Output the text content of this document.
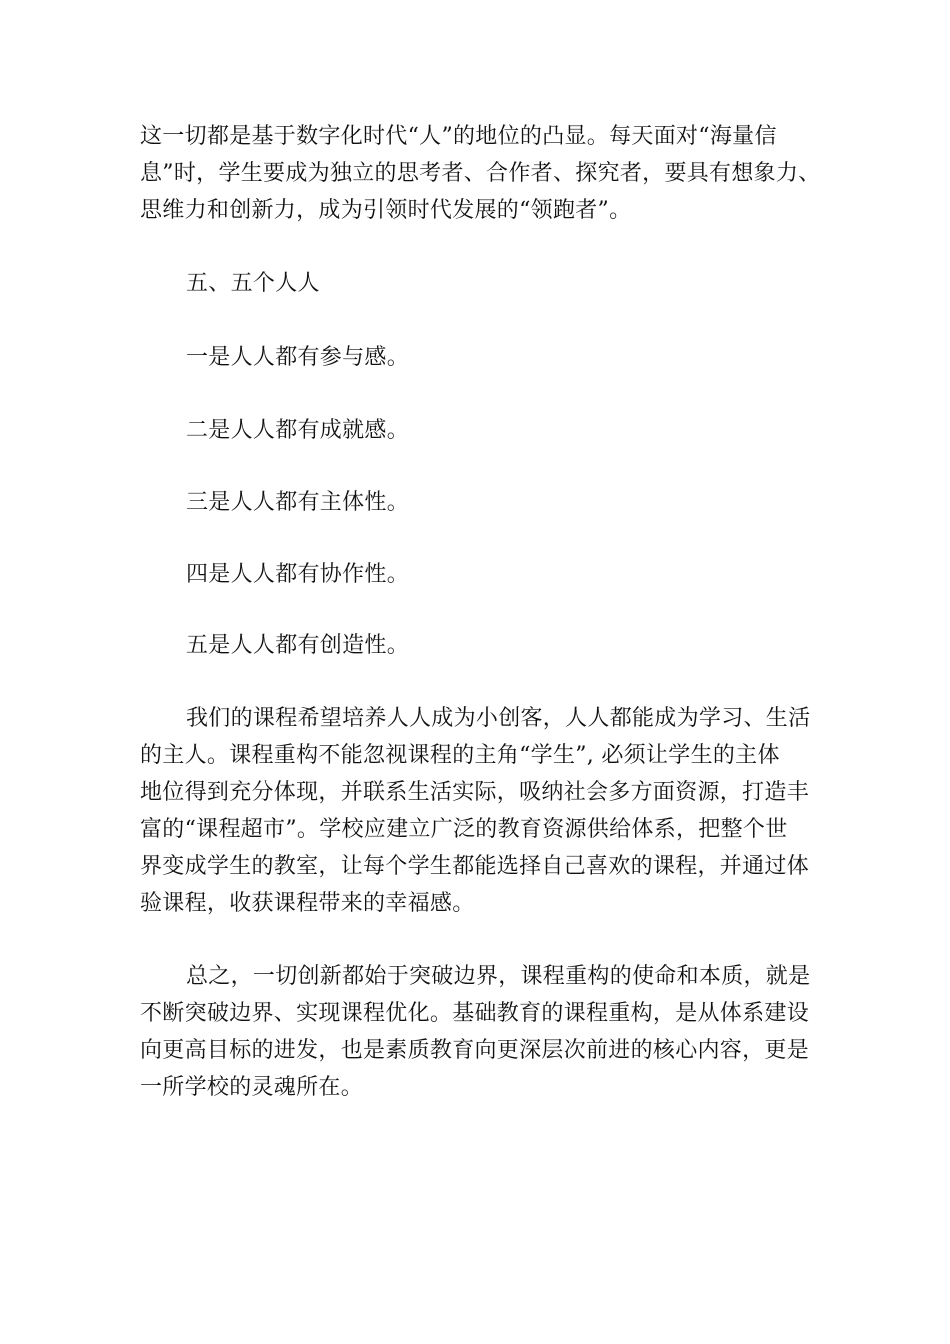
这一切都是基于数字化时代“人”的地位的凸显。每天面对“海量信
息”时，学生要成为独立的思考者、合作者、探究者，要具有想象力、
思维力和创新力，成为引领时代发展的“领跑者”。

五、五个人人

一是人人都有参与感。

二是人人都有成就感。

三是人人都有主体性。

四是人人都有协作性。

五是人人都有创造性。

我们的课程希望培养人人成为小创客，人人都能成为学习、生活
的主人。课程重构不能忽视课程的主角“学生”, 必须让学生的主体
地位得到充分体现，并联系生活实际，吸纳社会多方面资源，打造丰
富的“课程超市”。学校应建立广泛的教育资源供给体系，把整个世
界变成学生的教室，让每个学生都能选择自己喜欢的课程，并通过体
验课程，收获课程带来的幸福感。

总之，一切创新都始于突破边界，课程重构的使命和本质，就是
不断突破边界、实现课程优化。基础教育的课程重构，是从体系建设
向更高目标的进发，也是素质教育向更深层次前进的核心内容，更是
一所学校的灵魂所在。
